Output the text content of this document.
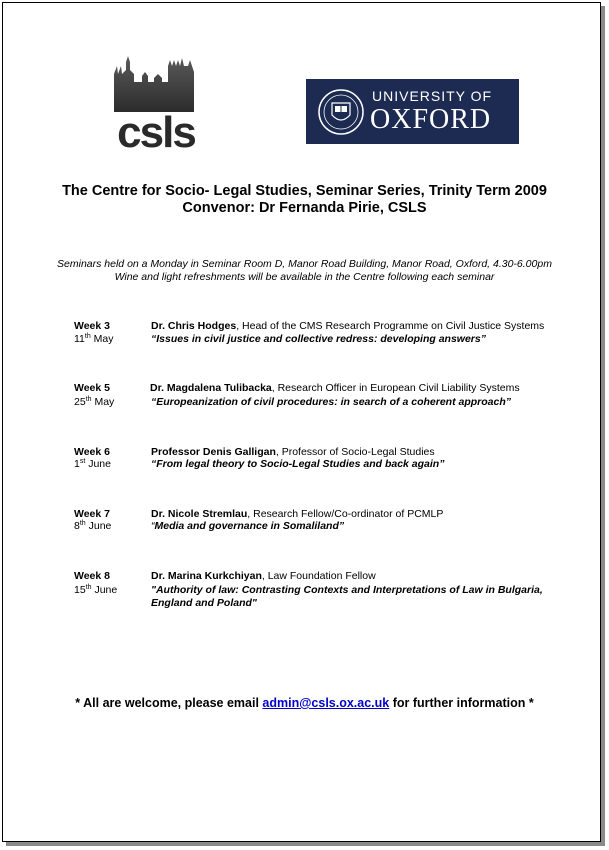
csls
UNIVERSITY OF
OXFORD
The Centre for Socio- Legal Studies, Seminar Series, Trinity Term 2009
Convenor: Dr Fernanda Pirie, CSLS
Seminars held on a Monday in Seminar Room D, Manor Road Building, Manor Road, Oxford, 4.30-6.00pm
Wine and light refreshments will be available in the Centre following each seminar
Week 3
11th May
Dr. Chris Hodges, Head of the CMS Research Programme on Civil Justice Systems
“Issues in civil justice and collective redress: developing answers”
Week 5
25th May
Dr. Magdalena Tulibacka, Research Officer in European Civil Liability Systems
“Europeanization of civil procedures: in search of a coherent approach”
Week 6
1st June
Professor Denis Galligan, Professor of Socio-Legal Studies
“From legal theory to Socio-Legal Studies and back again”
Week 7
8th June
Dr. Nicole Stremlau, Research Fellow/Co-ordinator of PCMLP
“Media and governance in Somaliland”
Week 8
15th June
Dr. Marina Kurkchiyan, Law Foundation Fellow
"Authority of law: Contrasting Contexts and Interpretations of Law in Bulgaria, England and Poland"
* All are welcome, please email admin@csls.ox.ac.uk for further information *
